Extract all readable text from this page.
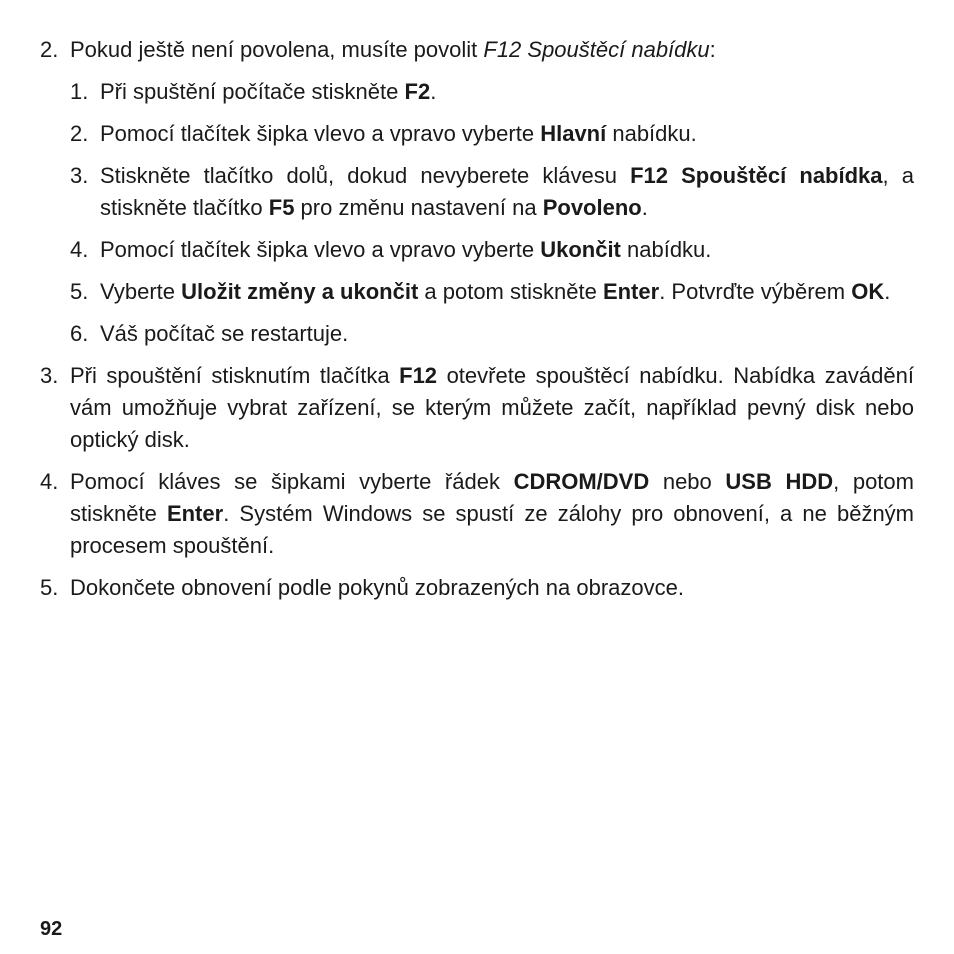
2. Pokud ještě není povolena, musíte povolit F12 Spouštěcí nabídku:
1. Při spuštění počítače stiskněte F2.
2. Pomocí tlačítek šipka vlevo a vpravo vyberte Hlavní nabídku.
3. Stiskněte tlačítko dolů, dokud nevyberete klávesu F12 Spouštěcí nabídka, a stiskněte tlačítko F5 pro změnu nastavení na Povoleno.
4. Pomocí tlačítek šipka vlevo a vpravo vyberte Ukončit nabídku.
5. Vyberte Uložit změny a ukončit a potom stiskněte Enter. Potvrďte výběrem OK.
6. Váš počítač se restartuje.
3. Při spouštění stisknutím tlačítka F12 otevřete spouštěcí nabídku. Nabídka zavádění vám umožňuje vybrat zařízení, se kterým můžete začít, například pevný disk nebo optický disk.
4. Pomocí kláves se šipkami vyberte řádek CDROM/DVD nebo USB HDD, potom stiskněte Enter. Systém Windows se spustí ze zálohy pro obnovení, a ne běžným procesem spouštění.
5. Dokončete obnovení podle pokynů zobrazených na obrazovce.
92
